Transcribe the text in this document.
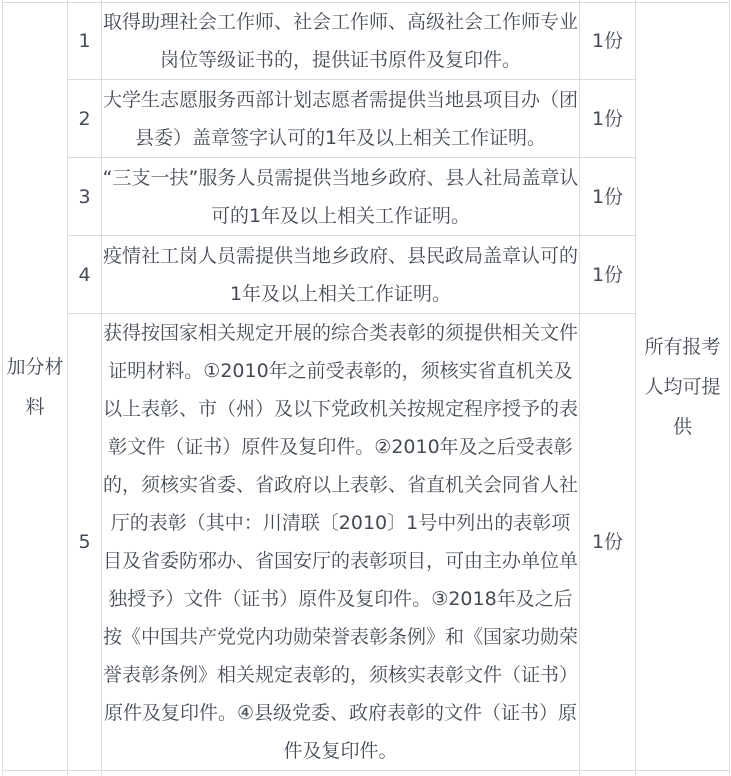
加分材料	1	取得助理社会工作师、社会工作师、高级社会工作师专业岗位等级证书的，提供证书原件及复印件。	1份	所有报考人均可提供
	2	大学生志愿服务西部计划志愿者需提供当地县项目办（团县委）盖章签字认可的1年及以上相关工作证明。	1份	
	3	“三支一扶”服务人员需提供当地乡政府、县人社局盖章认可的1年及以上相关工作证明。	1份	
	4	疫情社工岗人员需提供当地乡政府、县民政局盖章认可的1年及以上相关工作证明。	1份	
	5	获得按国家相关规定开展的综合类表彰的须提供相关文件证明材料。①2010年之前受表彰的，须核实省直机关及以上表彰、市（州）及以下党政机关按规定程序授予的表彰文件（证书）原件及复印件。②2010年及之后受表彰的，须核实省委、省政府以上表彰、省直机关会同省人社厅的表彰（其中：川清联〔2010〕1号中列出的表彰项目及省委防邪办、省国安厅的表彰项目，可由主办单位单独授予）文件（证书）原件及复印件。③2018年及之后按《中国共产党党内功勋荣誉表彰条例》和《国家功勋荣誉表彰条例》相关规定表彰的，须核实表彰文件（证书）原件及复印件。④县级党委、政府表彰的文件（证书）原件及复印件。	1份	
